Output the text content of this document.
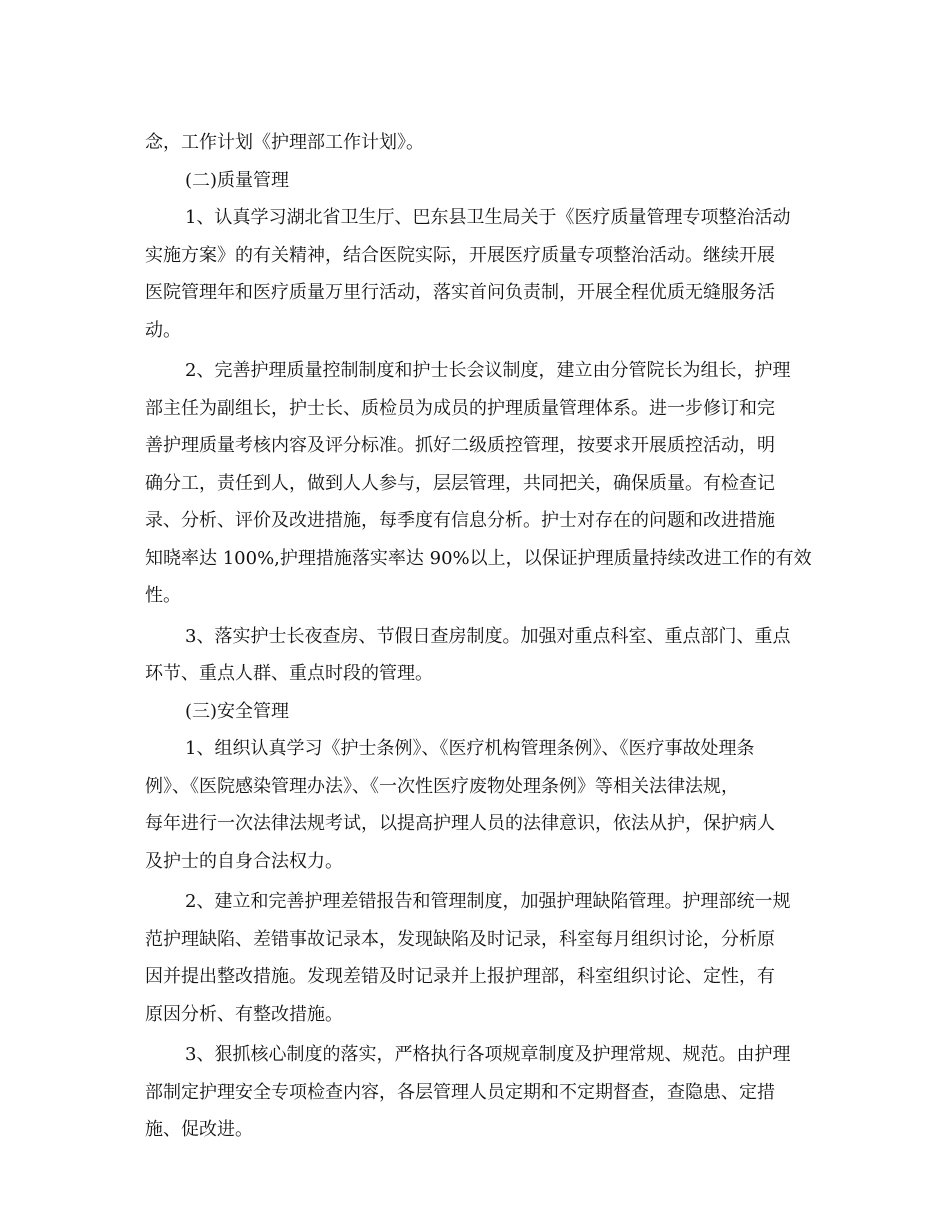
念，工作计划《护理部工作计划》。
(二)质量管理
1、认真学习湖北省卫生厅、巴东县卫生局关于《医疗质量管理专项整治活动
实施方案》的有关精神，结合医院实际，开展医疗质量专项整治活动。继续开展
医院管理年和医疗质量万里行活动，落实首问负责制，开展全程优质无缝服务活
动。
2、完善护理质量控制制度和护士长会议制度，建立由分管院长为组长，护理
部主任为副组长，护士长、质检员为成员的护理质量管理体系。进一步修订和完
善护理质量考核内容及评分标准。抓好二级质控管理，按要求开展质控活动，明
确分工，责任到人，做到人人参与，层层管理，共同把关，确保质量。有检查记
录、分析、评价及改进措施，每季度有信息分析。护士对存在的问题和改进措施
知晓率达 100%,护理措施落实率达 90%以上，以保证护理质量持续改进工作的有效
性。
3、落实护士长夜查房、节假日查房制度。加强对重点科室、重点部门、重点
环节、重点人群、重点时段的管理。
(三)安全管理
1、组织认真学习《护士条例》、《医疗机构管理条例》、《医疗事故处理条
例》、《医院感染管理办法》、《一次性医疗废物处理条例》等相关法律法规，
每年进行一次法律法规考试，以提高护理人员的法律意识，依法从护，保护病人
及护士的自身合法权力。
2、建立和完善护理差错报告和管理制度，加强护理缺陷管理。护理部统一规
范护理缺陷、差错事故记录本，发现缺陷及时记录，科室每月组织讨论，分析原
因并提出整改措施。发现差错及时记录并上报护理部，科室组织讨论、定性，有
原因分析、有整改措施。
3、狠抓核心制度的落实，严格执行各项规章制度及护理常规、规范。由护理
部制定护理安全专项检查内容，各层管理人员定期和不定期督查，查隐患、定措
施、促改进。
